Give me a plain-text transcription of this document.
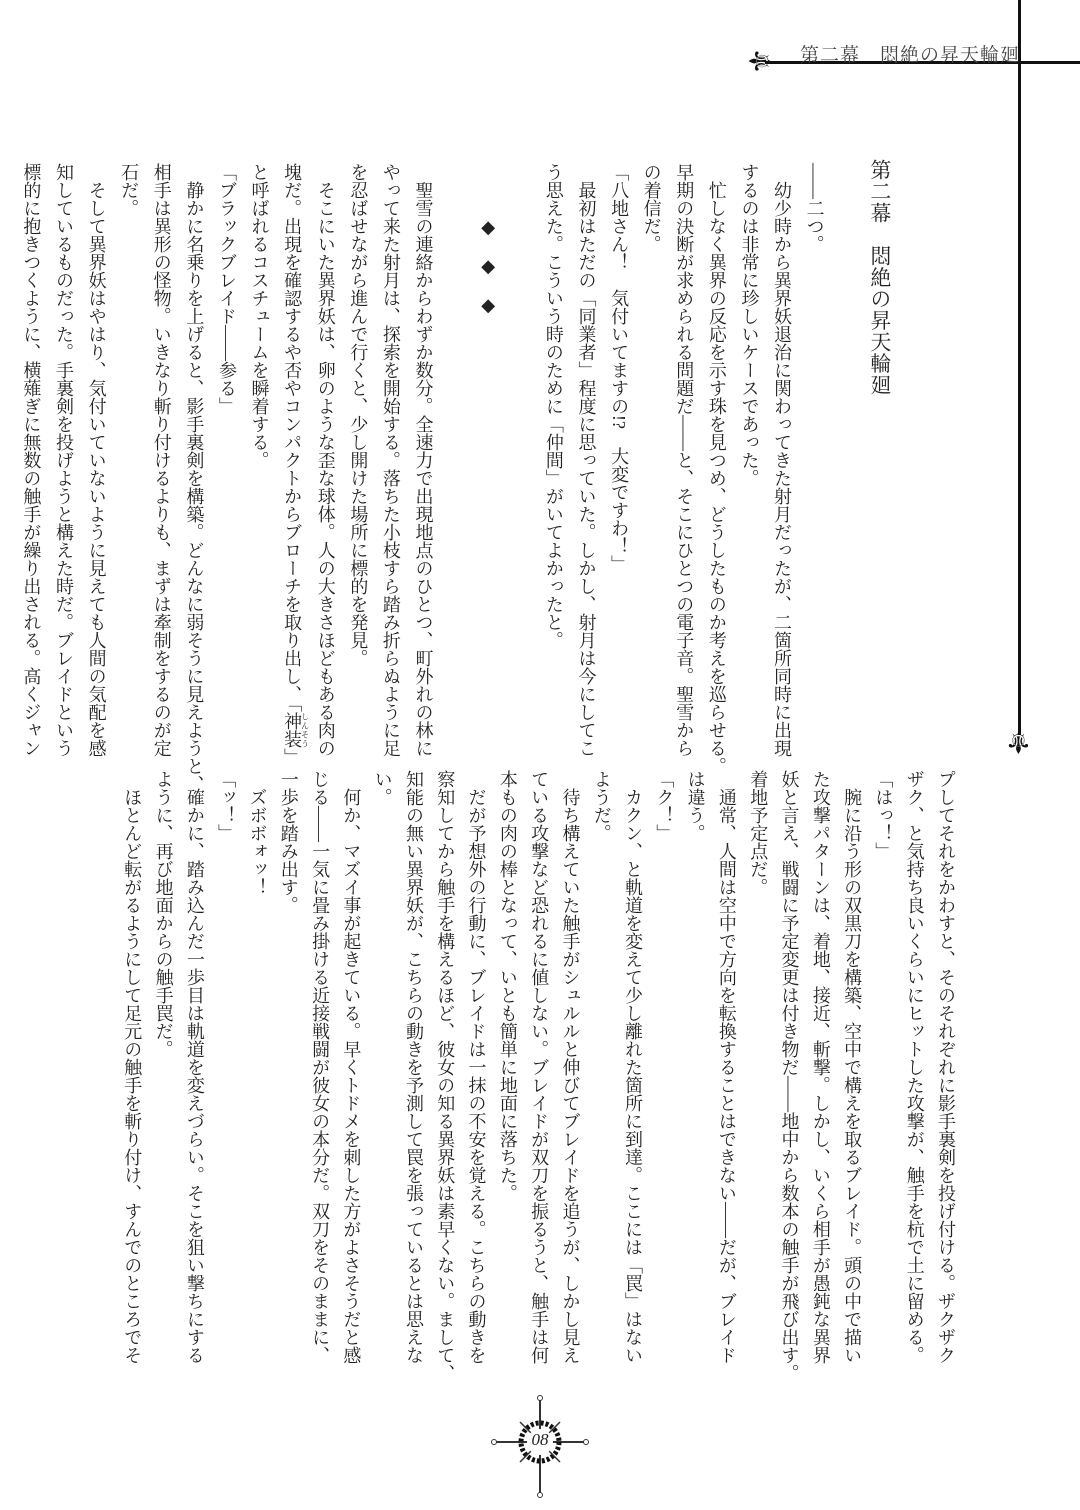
⚜
⚜
第二幕　悶絶の昇天輪廻

第二幕　悶絶の昇天輪廻

――二つ。
　幼少時から異界妖退治に関わってきた射月だったが、二箇所同時に出現
するのは非常に珍しいケースであった。
　忙しなく異界の反応を示す珠を見つめ、どうしたものか考えを巡らせる。
早期の決断が求められる問題だ――と、そこにひとつの電子音。聖雪から
の着信だ。
「八地さん！　気付いてますの!?　大変ですわ！」
　最初はただの「同業者」程度に思っていた。しかし、射月は今にしてこ
う思えた。こういう時のために「仲間」がいてよかったと。

　　　◆　◆　◆

　聖雪の連絡からわずか数分。全速力で出現地点のひとつ、町外れの林に
やって来た射月は、探索を開始する。落ちた小枝すら踏み折らぬように足
を忍ばせながら進んで行くと、少し開けた場所に標的を発見。
　そこにいた異界妖は、卵のような歪な球体。人の大きさほどもある肉の
塊だ。出現を確認するや否やコンパクトからブローチを取り出し、「神装しんそう」
と呼ばれるコスチュームを瞬着する。
「ブラックブレイド――参る」
　静かに名乗りを上げると、影手裏剣を構築。どんなに弱そうに見えようと、
相手は異形の怪物。いきなり斬り付けるよりも、まずは牽制をするのが定
石だ。
　そして異界妖はやはり、気付いていないように見えても人間の気配を感
知しているものだった。手裏剣を投げようと構えた時だ。ブレイドという
標的に抱きつくように、横薙ぎに無数の触手が繰り出される。高くジャン
プしてそれをかわすと、そのそれぞれに影手裏剣を投げ付ける。ザクザク
ザク、と気持ち良いくらいにヒットした攻撃が、触手を杭で土に留める。
「はっ！」
　腕に沿う形の双黒刀を構築、空中で構えを取るブレイド。頭の中で描い
た攻撃パターンは、着地、接近、斬撃。しかし、いくら相手が愚鈍な異界
妖と言え、戦闘に予定変更は付き物だ――地中から数本の触手が飛び出す。
着地予定点だ。
　通常、人間は空中で方向を転換することはできない――だが、ブレイド
は違う。
「ク！」
　カクン、と軌道を変えて少し離れた箇所に到達。ここには「罠」はない
ようだ。
　待ち構えていた触手がシュルルと伸びてブレイドを追うが、しかし見え
ている攻撃など恐れるに値しない。ブレイドが双刀を振るうと、触手は何
本もの肉の棒となって、いとも簡単に地面に落ちた。
　だが予想外の行動に、ブレイドは一抹の不安を覚える。こちらの動きを
察知してから触手を構えるほど、彼女の知る異界妖は素早くない。まして、
知能の無い異界妖が、こちらの動きを予測して罠を張っているとは思えな
い。
　何か、マズイ事が起きている。早くトドメを刺した方がよさそうだと感
じる――一気に畳み掛ける近接戦闘が彼女の本分だ。双刀をそのままに、
一歩を踏み出す。
　ズボボォッ！
「ッ！」
　確かに、踏み込んだ一歩目は軌道を変えづらい。そこを狙い撃ちにする
ように、再び地面からの触手罠だ。
　ほとんど転がるようにして足元の触手を斬り付け、すんでのところでそ
08
